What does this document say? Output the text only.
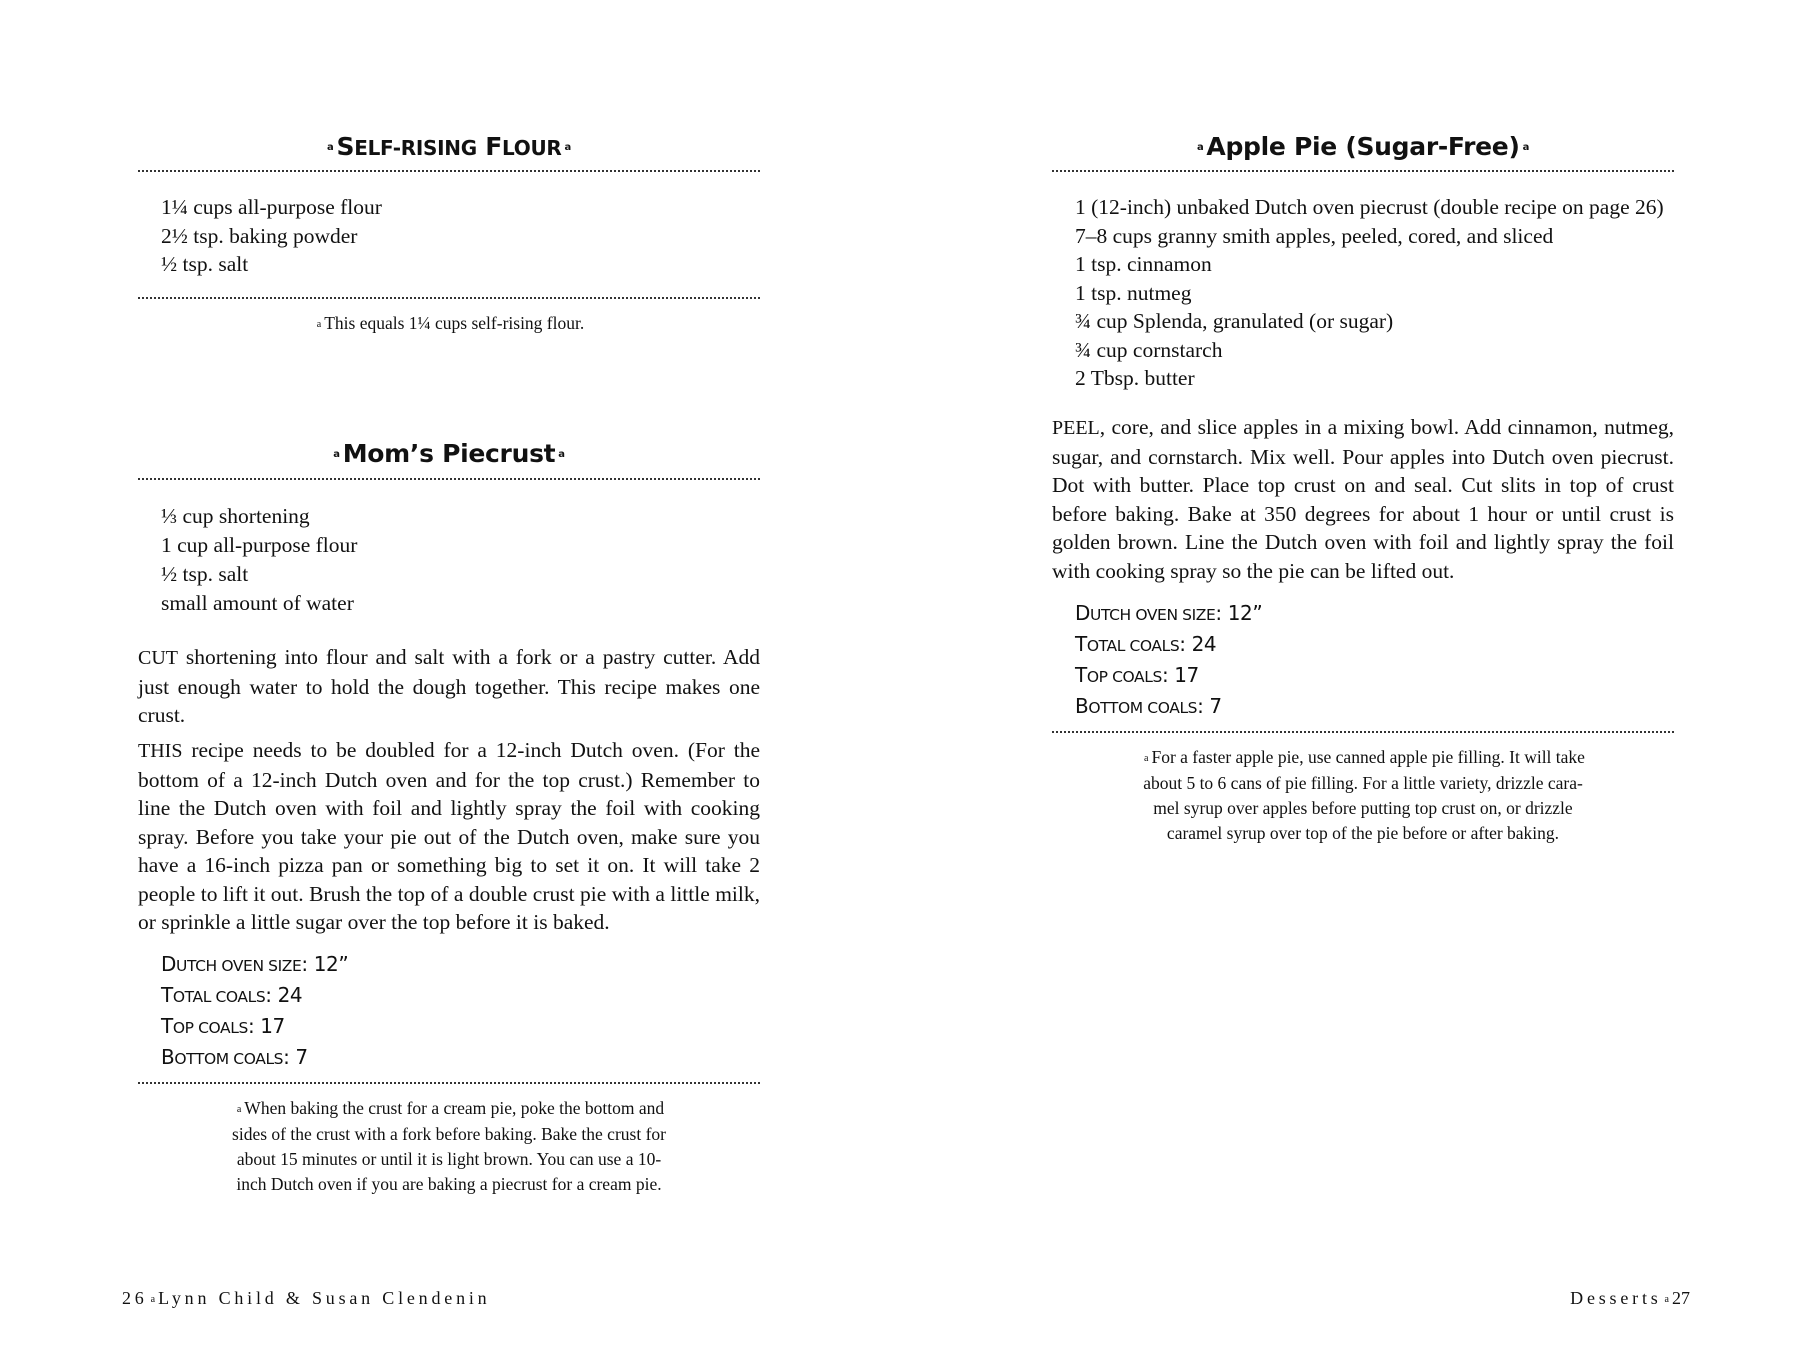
a SELF-RISING FLOUR a
1¼ cups all-purpose flour
2½ tsp. baking powder
½ tsp. salt

a This equals 1¼ cups self-rising flour.

a Mom’s Piecrust a
⅓ cup shortening
1 cup all-purpose flour
½ tsp. salt
small amount of water

CUT shortening into flour and salt with a fork or a pastry cutter. Add just enough water to hold the dough together. This recipe makes one crust.

THIS recipe needs to be doubled for a 12-inch Dutch oven. (For the bottom of a 12-inch Dutch oven and for the top crust.) Remember to line the Dutch oven with foil and lightly spray the foil with cooking spray. Before you take your pie out of the Dutch oven, make sure you have a 16-inch pizza pan or something big to set it on. It will take 2 people to lift it out. Brush the top of a double crust pie with a little milk, or sprinkle a little sugar over the top before it is baked.

DUTCH OVEN SIZE: 12”
TOTAL COALS: 24
TOP COALS: 17
BOTTOM COALS: 7
a When baking the crust for a cream pie, poke the bottom and
sides of the crust with a fork before baking. Bake the crust for
about 15 minutes or until it is light brown. You can use a 10-
inch Dutch oven if you are baking a piecrust for a cream pie.
26 a Lynn Child & Susan Clendenin
a Apple Pie (Sugar-Free) a
1 (12-inch) unbaked Dutch oven piecrust (double recipe on page 26)
7–8 cups granny smith apples, peeled, cored, and sliced
1 tsp. cinnamon
1 tsp. nutmeg
¾ cup Splenda, granulated (or sugar)
¾ cup cornstarch
2 Tbsp. butter

PEEL, core, and slice apples in a mixing bowl. Add cinnamon, nutmeg, sugar, and cornstarch. Mix well. Pour apples into Dutch oven piecrust. Dot with butter. Place top crust on and seal. Cut slits in top of crust before baking. Bake at 350 degrees for about 1 hour or until crust is golden brown. Line the Dutch oven with foil and lightly spray the foil with cooking spray so the pie can be lifted out.

DUTCH OVEN SIZE: 12”
TOTAL COALS: 24
TOP COALS: 17
BOTTOM COALS: 7
a For a faster apple pie, use canned apple pie filling. It will take
about 5 to 6 cans of pie filling. For a little variety, drizzle cara-
mel syrup over apples before putting top crust on, or drizzle
caramel syrup over top of the pie before or after baking.
Desserts a 27
